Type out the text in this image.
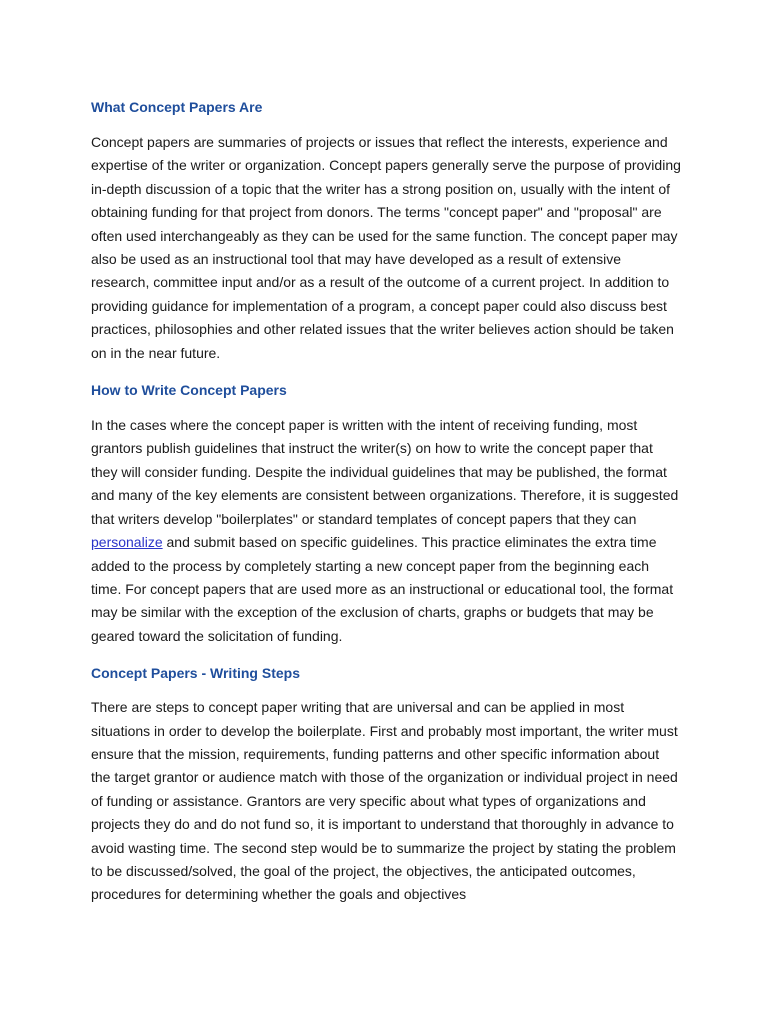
What Concept Papers Are

Concept papers are summaries of projects or issues that reflect the interests, experience and expertise of the writer or organization. Concept papers generally serve the purpose of providing in-depth discussion of a topic that the writer has a strong position on, usually with the intent of obtaining funding for that project from donors. The terms "concept paper" and "proposal" are often used interchangeably as they can be used for the same function. The concept paper may also be used as an instructional tool that may have developed as a result of extensive research, committee input and/or as a result of the outcome of a current project. In addition to providing guidance for implementation of a program, a concept paper could also discuss best practices, philosophies and other related issues that the writer believes action should be taken on in the near future.

How to Write Concept Papers

In the cases where the concept paper is written with the intent of receiving funding, most grantors publish guidelines that instruct the writer(s) on how to write the concept paper that they will consider funding. Despite the individual guidelines that may be published, the format and many of the key elements are consistent between organizations. Therefore, it is suggested that writers develop "boilerplates" or standard templates of concept papers that they can personalize and submit based on specific guidelines. This practice eliminates the extra time added to the process by completely starting a new concept paper from the beginning each time. For concept papers that are used more as an instructional or educational tool, the format may be similar with the exception of the exclusion of charts, graphs or budgets that may be geared toward the solicitation of funding.

Concept Papers - Writing Steps

There are steps to concept paper writing that are universal and can be applied in most situations in order to develop the boilerplate. First and probably most important, the writer must ensure that the mission, requirements, funding patterns and other specific information about the target grantor or audience match with those of the organization or individual project in need of funding or assistance. Grantors are very specific about what types of organizations and projects they do and do not fund so, it is important to understand that thoroughly in advance to avoid wasting time. The second step would be to summarize the project by stating the problem to be discussed/solved, the goal of the project, the objectives, the anticipated outcomes, procedures for determining whether the goals and objectives
